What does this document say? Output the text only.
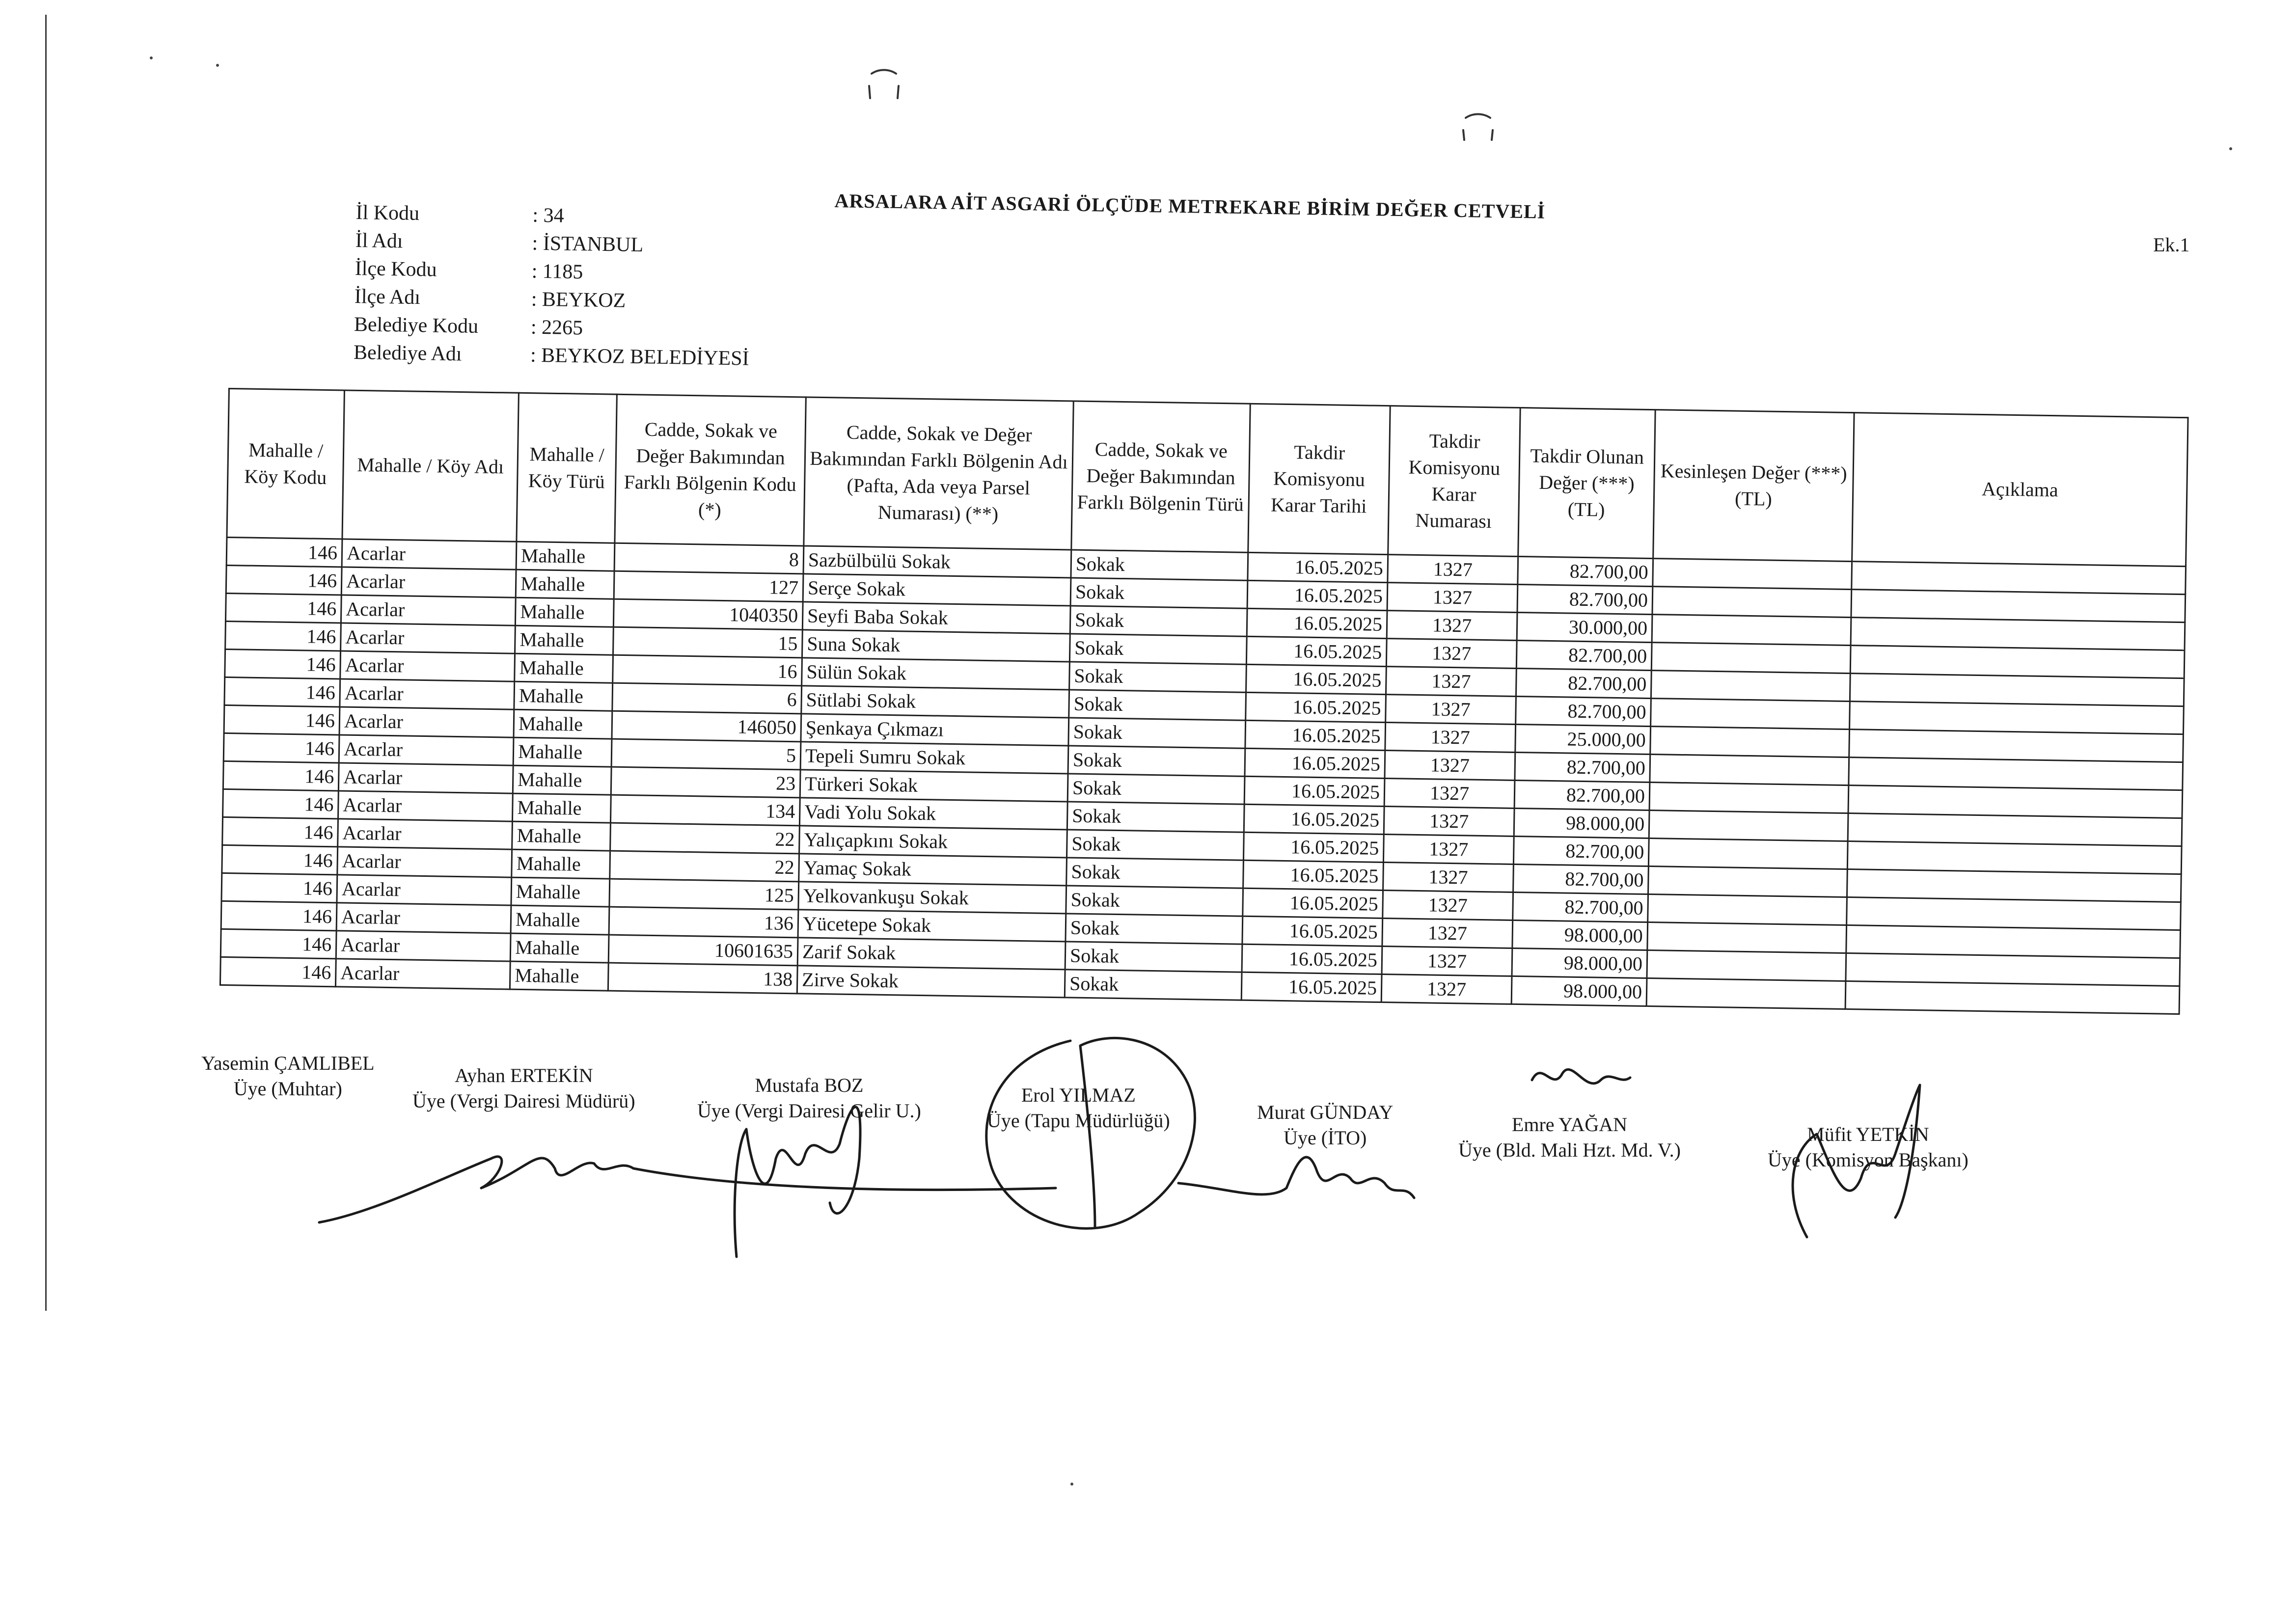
ARSALARA AİT ASGARİ ÖLÇÜDE METREKARE BİRİM DEĞER CETVELİ
Ek.1
İl Kodu	: 34
İl Adı	: İSTANBUL
İlçe Kodu	: 1185
İlçe Adı	: BEYKOZ
Belediye Kodu	: 2265
Belediye Adı	: BEYKOZ BELEDİYESİ
Mahalle / Köy Kodu	Mahalle / Köy Adı	Mahalle / Köy Türü	Cadde, Sokak ve Değer Bakımından Farklı Bölgenin Kodu (*)	Cadde, Sokak ve Değer Bakımından Farklı Bölgenin Adı (Pafta, Ada veya Parsel Numarası) (**)	Cadde, Sokak ve Değer Bakımından Farklı Bölgenin Türü	Takdir Komisyonu Karar Tarihi	Takdir Komisyonu Karar Numarası	Takdir Olunan Değer (***) (TL)	Kesinleşen Değer (***) (TL)	Açıklama
146	Acarlar	Mahalle	8	Sazbülbülü Sokak	Sokak	16.05.2025	1327	82.700,00		
146	Acarlar	Mahalle	127	Serçe Sokak	Sokak	16.05.2025	1327	82.700,00		
146	Acarlar	Mahalle	1040350	Seyfi Baba Sokak	Sokak	16.05.2025	1327	30.000,00		
146	Acarlar	Mahalle	15	Suna Sokak	Sokak	16.05.2025	1327	82.700,00		
146	Acarlar	Mahalle	16	Sülün Sokak	Sokak	16.05.2025	1327	82.700,00		
146	Acarlar	Mahalle	6	Sütlabi Sokak	Sokak	16.05.2025	1327	82.700,00		
146	Acarlar	Mahalle	146050	Şenkaya Çıkmazı	Sokak	16.05.2025	1327	25.000,00		
146	Acarlar	Mahalle	5	Tepeli Sumru Sokak	Sokak	16.05.2025	1327	82.700,00		
146	Acarlar	Mahalle	23	Türkeri Sokak	Sokak	16.05.2025	1327	82.700,00		
146	Acarlar	Mahalle	134	Vadi Yolu Sokak	Sokak	16.05.2025	1327	98.000,00		
146	Acarlar	Mahalle	22	Yalıçapkını Sokak	Sokak	16.05.2025	1327	82.700,00		
146	Acarlar	Mahalle	22	Yamaç Sokak	Sokak	16.05.2025	1327	82.700,00		
146	Acarlar	Mahalle	125	Yelkovankuşu Sokak	Sokak	16.05.2025	1327	82.700,00		
146	Acarlar	Mahalle	136	Yücetepe Sokak	Sokak	16.05.2025	1327	98.000,00		
146	Acarlar	Mahalle	10601635	Zarif Sokak	Sokak	16.05.2025	1327	98.000,00		
146	Acarlar	Mahalle	138	Zirve Sokak	Sokak	16.05.2025	1327	98.000,00		
Yasemin ÇAMLIBEL
Üye (Muhtar)
Ayhan ERTEKİN
Üye (Vergi Dairesi Müdürü)
Mustafa BOZ
Üye (Vergi Dairesi Gelir U.)
Erol YILMAZ
Üye (Tapu Müdürlüğü)	Murat GÜNDAY
Üye (İTO)
Emre YAĞAN
Üye (Bld. Mali Hzt. Md. V.)
Müfit YETKİN
Üye (Komisyon Başkanı)
